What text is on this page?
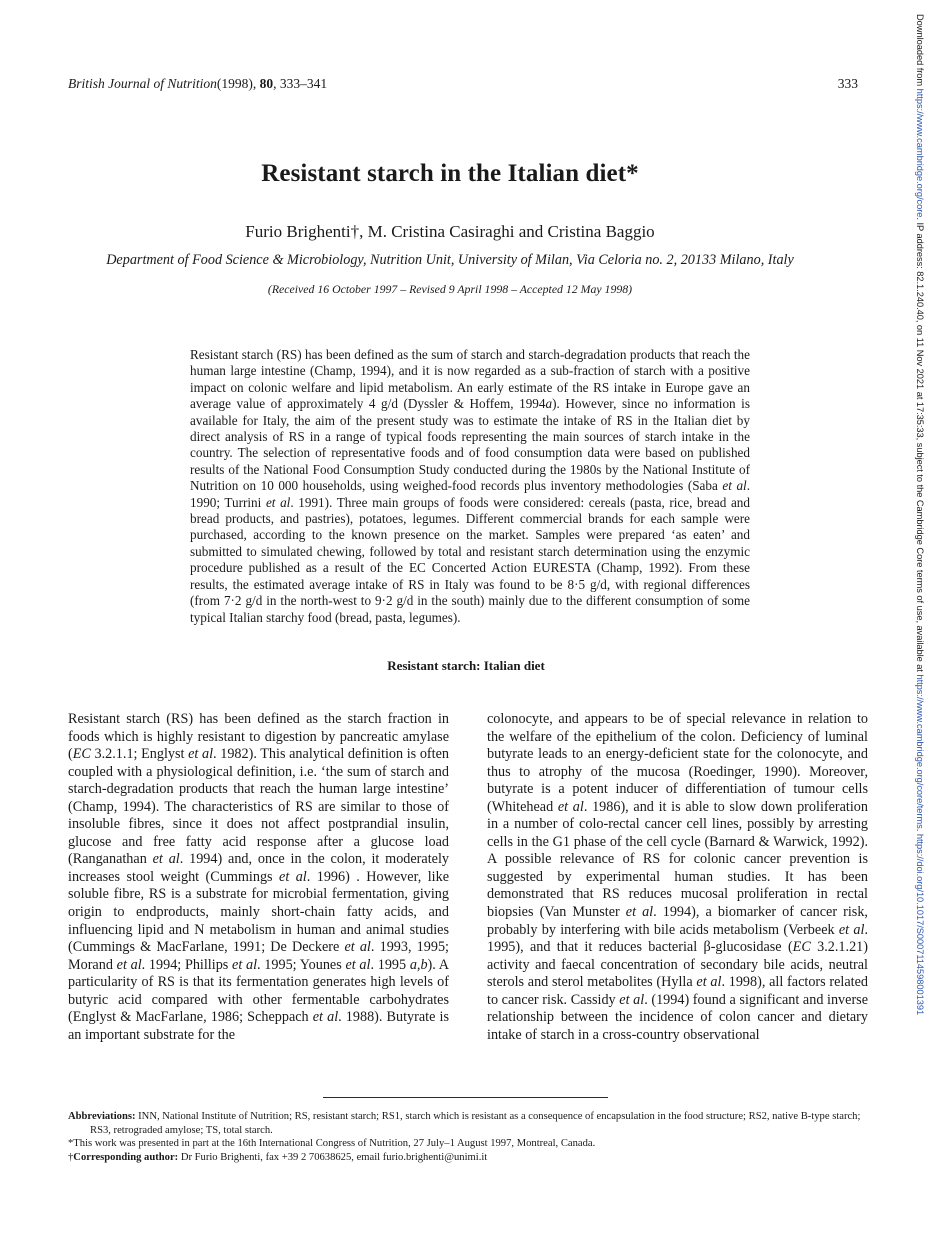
British Journal of Nutrition(1998), 80, 333–341	333
Resistant starch in the Italian diet*
Furio Brighenti†, M. Cristina Casiraghi and Cristina Baggio
Department of Food Science & Microbiology, Nutrition Unit, University of Milan, Via Celoria no. 2, 20133 Milano, Italy
(Received 16 October 1997 – Revised 9 April 1998 – Accepted 12 May 1998)

Resistant starch (RS) has been defined as the sum of starch and starch-degradation products that reach the human large intestine (Champ, 1994), and it is now regarded as a sub-fraction of starch with a positive impact on colonic welfare and lipid metabolism. An early estimate of the RS intake in Europe gave an average value of approximately 4 g/d (Dyssler & Hoffem, 1994a). However, since no information is available for Italy, the aim of the present study was to estimate the intake of RS in the Italian diet by direct analysis of RS in a range of typical foods representing the main sources of starch intake in the country. The selection of representative foods and of food consumption data were based on published results of the National Food Consumption Study conducted during the 1980s by the National Institute of Nutrition on 10 000 households, using weighed-food records plus inventory methodologies (Saba et al. 1990; Turrini et al. 1991). Three main groups of foods were considered: cereals (pasta, rice, bread and bread products, and pastries), potatoes, legumes. Different commercial brands for each sample were purchased, according to the known presence on the market. Samples were prepared ‘as eaten’ and submitted to simulated chewing, followed by total and resistant starch determination using the enzymic procedure published as a result of the EC Concerted Action EURESTA (Champ, 1992). From these results, the estimated average intake of RS in Italy was found to be 8·5 g/d, with regional differences (from 7·2 g/d in the north-west to 9·2 g/d in the south) mainly due to the different consumption of some typical Italian starchy food (bread, pasta, legumes).

Resistant starch: Italian diet

Resistant starch (RS) has been defined as the starch fraction in foods which is highly resistant to digestion by pancreatic amylase (EC 3.2.1.1; Englyst et al. 1982). This analytical definition is often coupled with a physiological definition, i.e. ‘the sum of starch and starch-degradation products that reach the human large intestine’ (Champ, 1994). The characteristics of RS are similar to those of insoluble fibres, since it does not affect postprandial insulin, glucose and free fatty acid response after a glucose load (Ranganathan et al. 1994) and, once in the colon, it moderately increases stool weight (Cummings et al. 1996) . However, like soluble fibre, RS is a substrate for microbial fermentation, giving origin to endproducts, mainly short-chain fatty acids, and influencing lipid and N metabolism in human and animal studies (Cummings & MacFarlane, 1991; De Deckere et al. 1993, 1995; Morand et al. 1994; Phillips et al. 1995; Younes et al. 1995 a,b). A particularity of RS is that its fermentation generates high levels of butyric acid compared with other fermentable carbohydrates (Englyst & MacFarlane, 1986; Scheppach et al. 1988). Butyrate is an important substrate for the

colonocyte, and appears to be of special relevance in relation to the welfare of the epithelium of the colon. Deficiency of luminal butyrate leads to an energy-deficient state for the colonocyte, and thus to atrophy of the mucosa (Roedinger, 1990). Moreover, butyrate is a potent inducer of differentiation of tumour cells (Whitehead et al. 1986), and it is able to slow down proliferation in a number of colo-rectal cancer cell lines, possibly by arresting cells in the G1 phase of the cell cycle (Barnard & Warwick, 1992). A possible relevance of RS for colonic cancer prevention is suggested by experimental human studies. It has been demonstrated that RS reduces mucosal proliferation in rectal biopsies (Van Munster et al. 1994), a biomarker of cancer risk, probably by interfering with bile acids metabolism (Verbeek et al. 1995), and that it reduces bacterial β-glucosidase (EC 3.2.1.21) activity and faecal concentration of secondary bile acids, neutral sterols and sterol metabolites (Hylla et al. 1998), all factors related to cancer risk. Cassidy et al. (1994) found a significant and inverse relationship between the incidence of colon cancer and dietary intake of starch in a cross-country observational

Abbreviations: INN, National Institute of Nutrition; RS, resistant starch; RS1, starch which is resistant as a consequence of encapsulation in the food structure; RS2, native B-type starch; RS3, retrograded amylose; TS, total starch.

*This work was presented in part at the 16th International Congress of Nutrition, 27 July–1 August 1997, Montreal, Canada.

†Corresponding author: Dr Furio Brighenti, fax +39 2 70638625, email furio.brighenti@unimi.it

Downloaded from https://www.cambridge.org/core. IP address: 82.1.240.40, on 11 Nov 2021 at 17:35:33, subject to the Cambridge Core terms of use, available at https://www.cambridge.org/core/terms. https://doi.org/10.1017/S0007114598001391
